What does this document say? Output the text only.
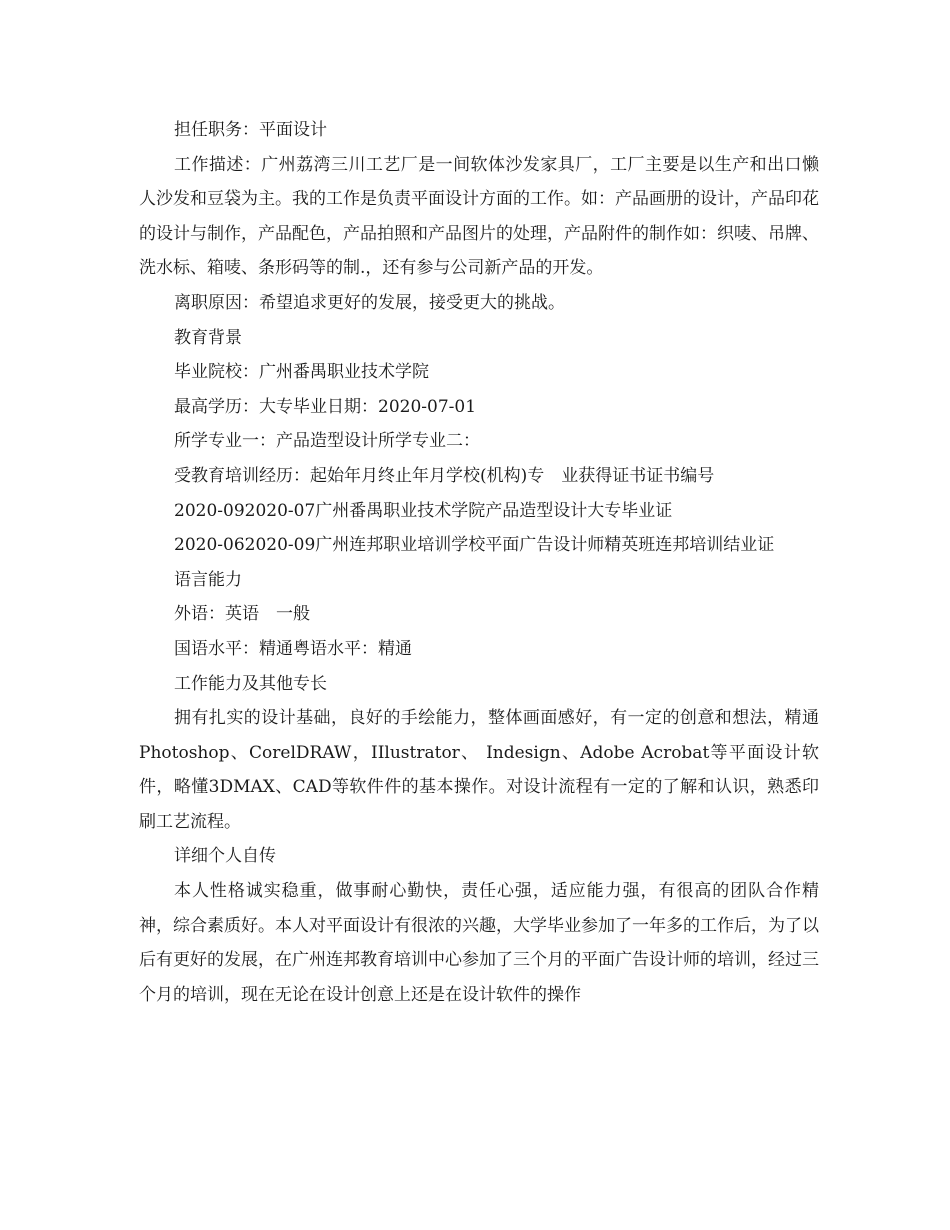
担任职务：平面设计

工作描述：广州荔湾三川工艺厂是一间软体沙发家具厂，工厂主要是以生产和出口懒人沙发和豆袋为主。我的工作是负责平面设计方面的工作。如：产品画册的设计，产品印花的设计与制作，产品配色，产品拍照和产品图片的处理，产品附件的制作如：织唛、吊牌、洗水标、箱唛、条形码等的制.，还有参与公司新产品的开发。

离职原因：希望追求更好的发展，接受更大的挑战。

教育背景

毕业院校：广州番禺职业技术学院

最高学历：大专毕业日期：2020-07-01

所学专业一：产品造型设计所学专业二：

受教育培训经历：起始年月终止年月学校(机构)专　业获得证书证书编号

2020-092020-07广州番禺职业技术学院产品造型设计大专毕业证

2020-062020-09广州连邦职业培训学校平面广告设计师精英班连邦培训结业证

语言能力

外语：英语　一般

国语水平：精通粤语水平：精通

工作能力及其他专长

拥有扎实的设计基础，良好的手绘能力，整体画面感好，有一定的创意和想法，精通Photoshop、CorelDRAW，IIlustrator、 Indesign、Adobe Acrobat等平面设计软件，略懂3DMAX、CAD等软件件的基本操作。对设计流程有一定的了解和认识，熟悉印刷工艺流程。

详细个人自传

本人性格诚实稳重，做事耐心勤快，责任心强，适应能力强，有很高的团队合作精神，综合素质好。本人对平面设计有很浓的兴趣，大学毕业参加了一年多的工作后，为了以后有更好的发展，在广州连邦教育培训中心参加了三个月的平面广告设计师的培训，经过三个月的培训，现在无论在设计创意上还是在设计软件的操作
